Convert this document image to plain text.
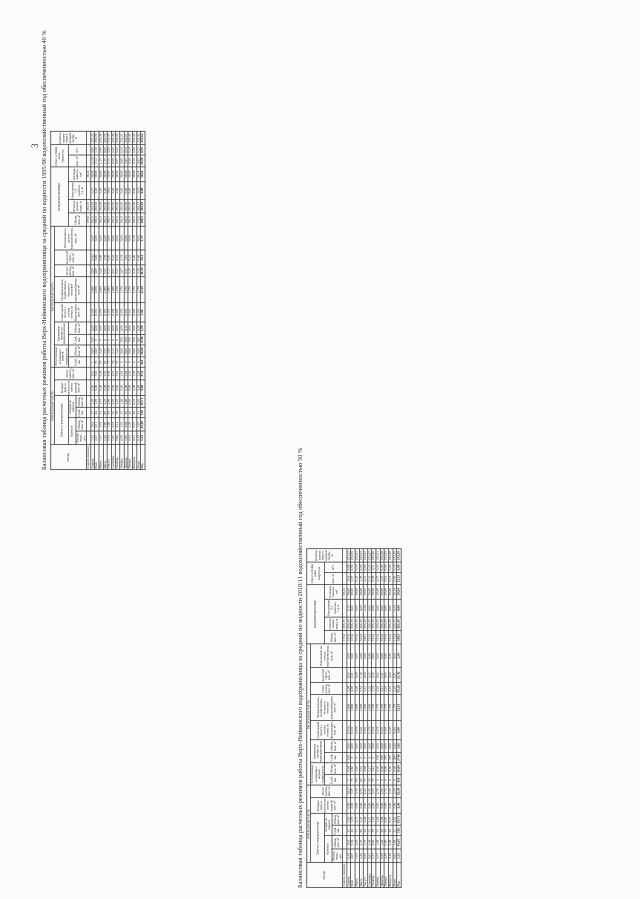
3 Балансовая таблица расчетных режимов работы Верх-Нейвинского водохранилища за средний по водности 1995/96 водохозяйственный год обеспеченностью 40 %	Месяц	ПРИХОДНАЯ ЧАСТЬ						РАСХОДНАЯ ЧАСТЬ									ВОДОХРАНИЛИЩЕ				Сброс в Нейву ниже гидроузла		Отметка уровня воды в нижнем бьефе, м
	Приток к водохранилищу				Возврат воды в результате снятия ледяной, млн. м³	Итого приток, млн. м³	Естественные испарения с водной поверхности		Временные потери на водохранилище		Санитарный попуск с учетом потерь на фильтрацию, млн. м³	Промышленное, хозяйственно-бытовое и питьевое водопотребление, млн. м³	Итого расход, млн. м³	Холостой сброс, млн. м³	Наполнение на начало водохранилища, млн. м³							
	Притоки		Осадки на зеркало				Слой, мм	Объем, млн. м³	Слой, мм	Объем, млн. м³						Объем, млн. м³	Отметка уровня воды, м	Наполнение (+) сработка (-), м	Площадь зеркала, км²	млн. м³	м³/с	
	Расход воды, м³/с	Объем, млн. м³	Слой, мм	Объем, млн. м³																		
Апрель (начало)																175,0	261,15		38,14			
Апрель	7,15	18,5	27	1,03	0,90	20,5	1	0,04	610	0,00	0,156	1,849	2,04	12,42	0,00	181,0	263,30	0,15	38,68	12,58	4,85	253,22
Май	2,27	6,11	44	1,70	0,00	7,81	73	2,82	0	0,00	0,161	1,879	4,85	2,96	0,00	181,0	263,30	0,00	38,68	3,12	1,16	252,72
Июнь	1,37	3,55	71	2,73	0,00	6,28	85	3,29	0	0,00	0,156	1,849	5,29	0,99	0,00	181,0	263,30	0,00	38,68	1,15	0,45	252,54
Июль	1,44	3,86	86	3,33	0,00	7,19	87	3,37	0	0,00	0,161	1,985	5,51	1,59	0,00	181,0	263,30	0,00	38,68	1,75	0,65	252,55
Август	0,74	1,98	64	2,48	0,00	4,46	77	2,98	0	0,00	0,161	1,985	5,13	0,00	0,00	180,3	263,28	-0,02	38,64	0,16	0,06	252,43
Сентябрь	1,97	2,72	52	2,01	0,00	4,73	56	2,17	0	0,00	0,156	1,849	4,31	0,42	0,00	181,0	263,30	0,02	38,68	0,58	0,22	252,48
Октябрь	0,80	2,14	38	1,47	0,00	3,61	37	1,43	0	0,00	0,161	1,779	3,37	0,53	0,00	181,0	263,30	0,00	38,68	0,67	0,25	252,50
Ноябрь	0,59	1,53	33	1,28	0,00	2,81	0	0,00	190	0,00	0,156	1,779	2,07	0,74	0,00	181,0	263,30	0,00	38,68	0,89	0,34	252,51
Декабрь	1,06	2,84	28	1,08	0,00	3,92	0	0,00	350	0,14	0,161	1,779	2,11	1,81	0,00	181,0	263,30	0,00	38,68	1,97	0,74	252,61
Январь	0,52	1,39	24	0,93	0,00	2,32	0	0,00	350	0,00	0,161	1,779	2,10	0,22	0,00	181,0	263,30	0,00	38,68	0,38	0,14	252,45
Февраль	0,31	0,75	20	0,77	0,00	1,52	0	0,00	350	0,00	0,145	1,779	2,19	0,00	0,38	181,0	263,30	0,00	38,68	0,19	0,06	252,40
Март	0,70	1,87	21	0,81	0,00	2,69	0	0,00	580	0,29	0,161	1,779	2,19	0,40	0,00	175,9	263,15	-0,15	38,14	0,62	0,23	252,45
Год	1,34	42,09	510	19,71	0,90	67,9	416	16,09	2740	1,88	1,90	22,19	41,28	28,1	1,75	180,5	263,29	0,00	38,64	29,88	0,95	252,62
Балансовая таблица расчетных режимов работы Верх-Нейвинского водохранилища за средний по водности 2010/11 водохозяйственный год обеспеченностью 50 %	Месяц	ПРИХОДНАЯ ЧАСТЬ						РАСХОДНАЯ ЧАСТЬ									ВОДОХРАНИЛИЩЕ				Сброс в Нейву ниже гидроузла		Отметка уровня воды в нижнем бьефе, м
	Приток к водохранилищу				Возврат воды в результате снятия ледяной, млн. м³	Итого приток, млн. м³	Естественные испарения с водной поверхности		Временные потери на водохранилище		Санитарный попуск с учетом потерь на фильтрацию, млн. м³	Промышленное, хозяйственно-бытовое и питьевое водопотребление, млн. м³	Итого расход, млн. м³	Холостой сброс, млн. м³	Наполнение на начало водохранилища, млн. м³							
	Притоки		Осадки на зеркало				Слой, мм	Объем, млн. м³	Слой, мм	Объем, млн. м³						Объем, млн. м³	Отметка уровня воды, м	Наполнение (+) сработка (-), м	Площадь зеркала, км²	млн. м³	м³/с	
	Расход воды, м³/с	Объем, млн. м³	Слой, мм	Объем, млн. м³																		
Апрель (начало)																175,0	263,15		38,14			
Апрель	6,38	16,5	27	1,03	0,90	18,5	1	0,04	610	0,00	0,156	1,849	2,04	10,4	0,00	181,0	263,30	0,15	38,68	10,6	4,08	253,13
Май	2,07	5,54	44	1,70	0,00	7,25	73	2,82	0	0,00	0,161	1,849	4,85	2,41	0,00	181,0	263,30	0,00	38,68	2,57	0,96	252,66
Июнь	1,02	2,65	71	2,73	0,00	5,38	85	3,29	0	0,00	0,156	1,849	5,29	0,09	0,00	181,0	263,30	0,00	38,68	0,25	0,10	252,41
Июль	1,26	3,37	86	3,33	0,00	6,70	87	3,37	0	0,00	0,161	1,985	5,51	1,19	0,00	181,0	263,30	0,00	38,68	1,35	0,50	252,53
Август	0,66	1,77	64	2,48	0,00	4,24	77	2,98	0	0,00	0,161	1,985	5,13	0,00	0,00	180,1	263,28	-0,02	38,63	0,16	0,06	252,43
Сентябрь	0,91	2,44	52	2,01	0,00	4,45	56	2,17	0	0,00	0,156	1,849	3,23	0,35	0,88	181,0	263,30	0,02	38,68	0,51	0,20	252,47
Октябрь	0,77	2,06	38	1,47	0,00	3,53	37	1,43	0	0,00	0,161	1,779	3,37	0,14	0,00	181,0	263,30	0,00	38,68	0,29	0,11	252,46
Ноябрь	0,57	1,48	33	1,28	0,00	2,76	0	0,00	190	0,00	0,156	1,779	2,01	0,62	0,00	181,0	263,30	0,00	38,68	0,77	0,30	252,51
Декабрь	0,58	1,54	28	1,08	0,00	2,62	0	0,00	350	0,00	0,161	1,779	2,11	1,51	0,00	181,0	263,30	0,00	38,68	1,67	0,63	252,58
Январь	0,30	0,80	24	0,93	0,00	1,73	0	0,00	350	0,00	0,161	1,779	2,10	0,00	0,66	181,0	263,30	0,00	38,68	0,16	0,06	252,45
Февраль	0,28	0,68	20	0,77	0,00	1,45	0	0,00	350	0,00	0,145	1,779	2,19	0,00	0,76	181,0	263,30	0,00	38,68	0,15	0,06	252,45
Март	0,63	1,69	21	0,81	0,00	2,50	0	0,00	580	0,29	0,161	1,779	2,19	0,21	0,00	175,9	263,15	-0,15	38,14	0,43	0,16	252,50
Год	1,32	41,65	510	19,71	0,90	62,56	416	16,09	2740	1,88	1,90	22,19	41,26	23,42	2,30	180,5	263,29	0,00	38,64	25,32	0,80	252,59
